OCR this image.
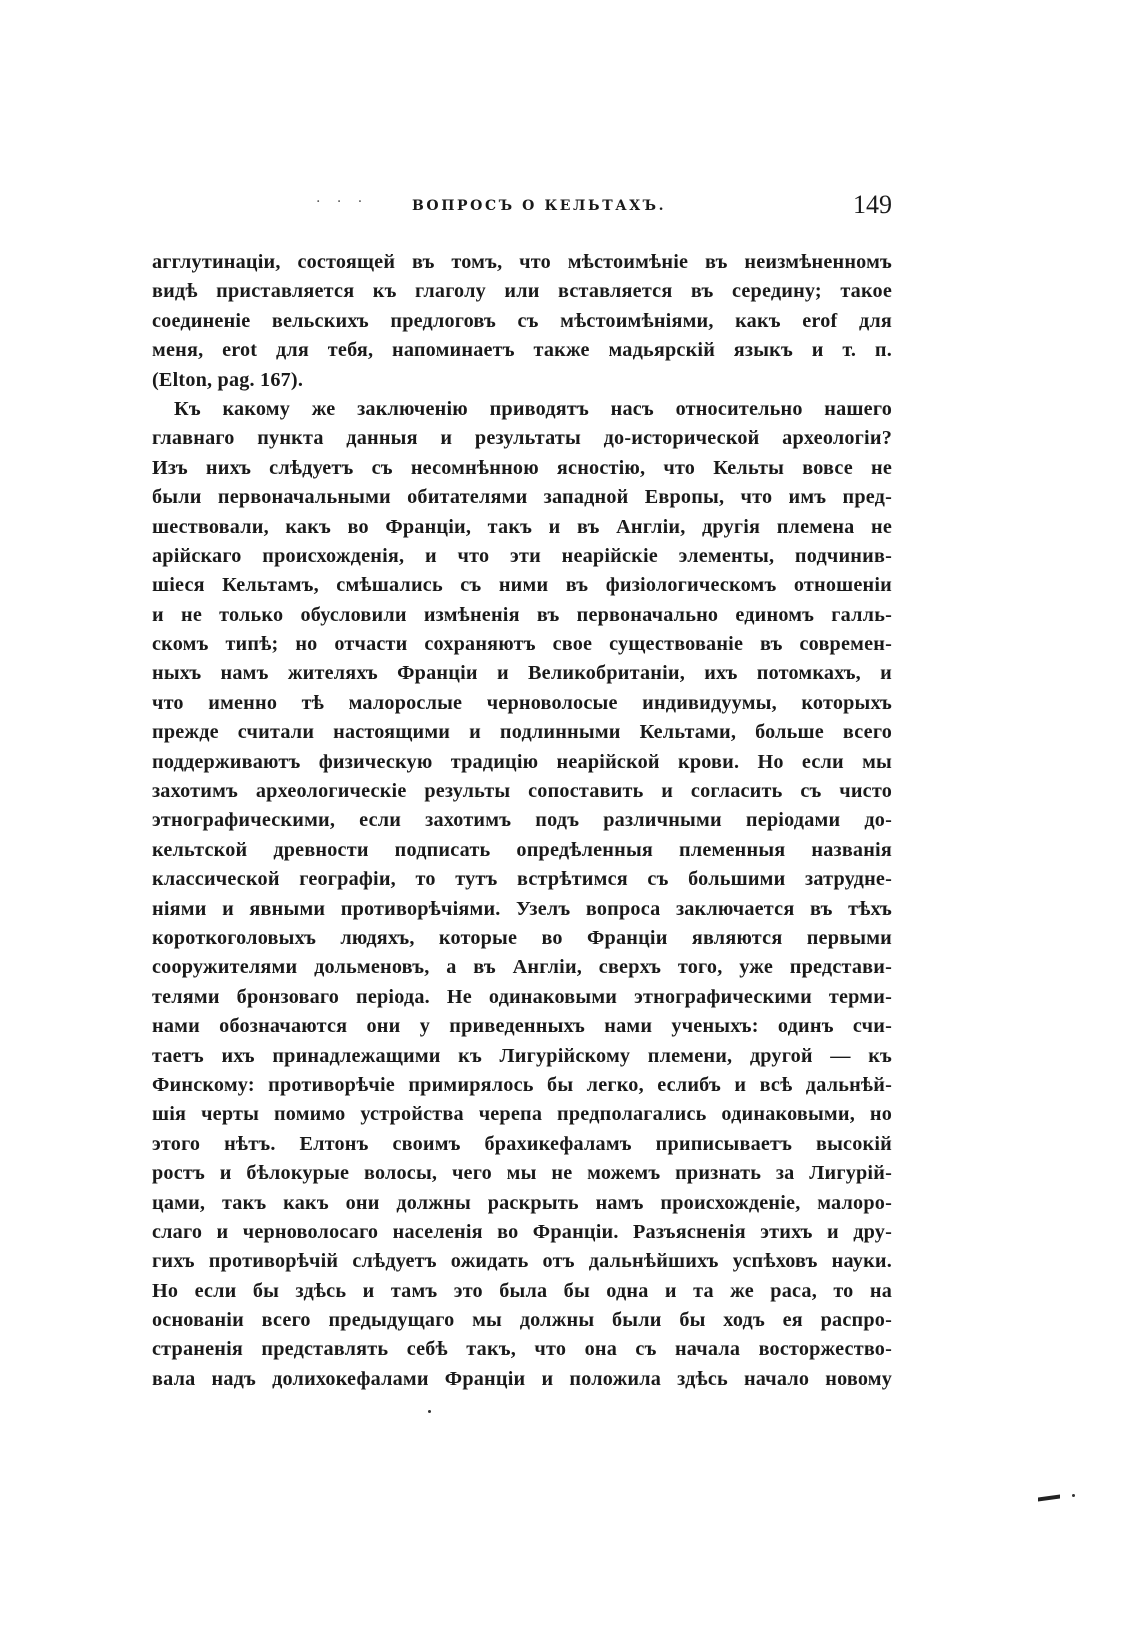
· · ·	ВОПРОСЪ О КЕЛЬТАХЪ.	149
агглутинацiи, состоящей въ томъ, что мѣстоимѣнiе въ неизмѣненномъ
видѣ приставляется къ глаголу или вставляется въ середину; такое
соединенiе вельскихъ предлоговъ съ мѣстоимѣнiями, какъ erof для
меня, erot для тебя, напоминаетъ также мадьярскiй языкъ и т. п.
(Elton, pag. 167).
Къ какому же заключенiю приводятъ насъ относительно нашего
главнаго пункта данныя и результаты до-исторической археологiи?
Изъ нихъ слѣдуетъ съ несомнѣнною ясностiю, что Кельты вовсе не
были первоначальными обитателями западной Европы, что имъ пред-
шествовали, какъ во Францiи, такъ и въ Англiи, другiя племена не
арiйскаго происхожденiя, и что эти неарiйскiе элементы, подчинив-
шiеся Кельтамъ, смѣшались съ ними въ физiологическомъ отношенiи
и не только обусловили измѣненiя въ первоначально единомъ галль-
скомъ типѣ; но отчасти сохраняютъ свое существованiе въ современ-
ныхъ намъ жителяхъ Францiи и Великобританiи, ихъ потомкахъ, и
что именно тѣ малорослые черноволосые индивидуумы, которыхъ
прежде считали настоящими и подлинными Кельтами, больше всего
поддерживаютъ физическую традицiю неарiйской крови. Но если мы
захотимъ археологическiе результы сопоставить и согласить съ чисто
этнографическими, если захотимъ подъ различными перiодами до-
кельтской древности подписать опредѣленныя племенныя названiя
классической географiи, то тутъ встрѣтимся съ большими затрудне-
нiями и явными противорѣчiями. Узелъ вопроса заключается въ тѣхъ
короткоголовыхъ людяхъ, которые во Францiи являются первыми
сооружителями дольменовъ, а въ Англiи, сверхъ того, уже представи-
телями бронзоваго перiода. Не одинаковыми этнографическими терми-
нами обозначаются они у приведенныхъ нами ученыхъ: одинъ счи-
таетъ ихъ принадлежащими къ Лигурiйскому племени, другой — къ
Финскому: противорѣчiе примирялось бы легко, еслибъ и всѣ дальнѣй-
шiя черты помимо устройства черепа предполагались одинаковыми, но
этого нѣтъ. Елтонъ своимъ брахикефаламъ приписываетъ высокiй
ростъ и бѣлокурые волосы, чего мы не можемъ признать за Лигурiй-
цами, такъ какъ они должны раскрыть намъ происхожденiе, малоро-
слаго и черноволосаго населенiя во Францiи. Разъясненiя этихъ и дру-
гихъ противорѣчiй слѣдуетъ ожидать отъ дальнѣйшихъ успѣховъ науки.
Но если бы здѣсь и тамъ это была бы одна и та же раса, то на
основанiи всего предыдущаго мы должны были бы ходъ ея распро-
страненiя представлять себѣ такъ, что она съ начала восторжество-
вала надъ долихокефалами Францiи и положила здѣсь начало новому
